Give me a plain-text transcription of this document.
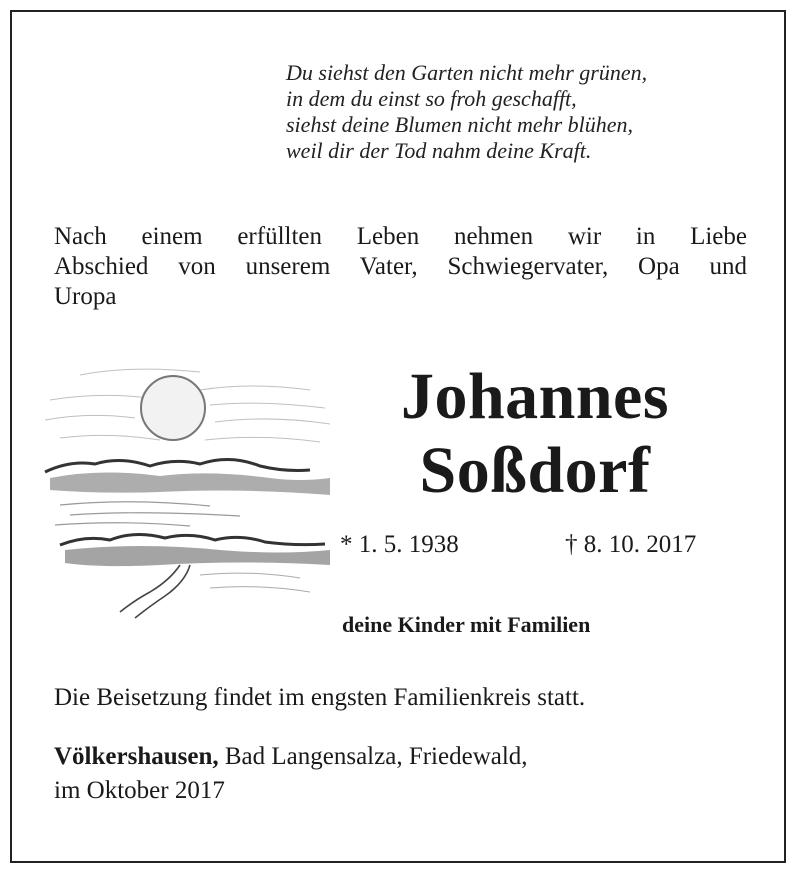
Du siehst den Garten nicht mehr grünen,
in dem du einst so froh geschafft,
siehst deine Blumen nicht mehr blühen,
weil dir der Tod nahm deine Kraft.
Nach einem erfüllten Leben nehmen wir in Liebe
Abschied von unserem Vater, Schwiegervater, Opa und
Uropa
Johannes
Soßdorf
* 1. 5. 1938	† 8. 10. 2017
deine Kinder mit Familien
Die Beisetzung findet im engsten Familienkreis statt.
Völkershausen, Bad Langensalza, Friedewald,
im Oktober 2017
